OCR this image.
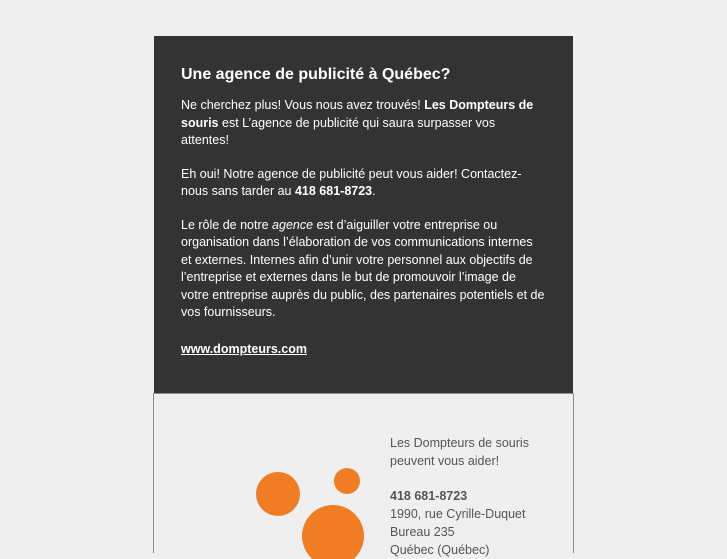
Une agence de publicité à Québec?

Ne cherchez plus! Vous nous avez trouvés! Les Dompteurs de souris est L’agence de publicité qui saura surpasser vos attentes!

Eh oui! Notre agence de publicité peut vous aider! Contactez-nous sans tarder au 418 681-8723.

Le rôle de notre agence est d’aiguiller votre entreprise ou organisation dans l’élaboration de vos communications internes et externes. Internes afin d’unir votre personnel aux objectifs de l’entreprise et externes dans le but de promouvoir l’image de votre entreprise auprès du public, des partenaires potentiels et de vos fournisseurs.

www.dompteurs.com
Les Dompteurs de souris peuvent vous aider!
418 681-8723
1990, rue Cyrille-Duquet
Bureau 235
Québec (Québec)
